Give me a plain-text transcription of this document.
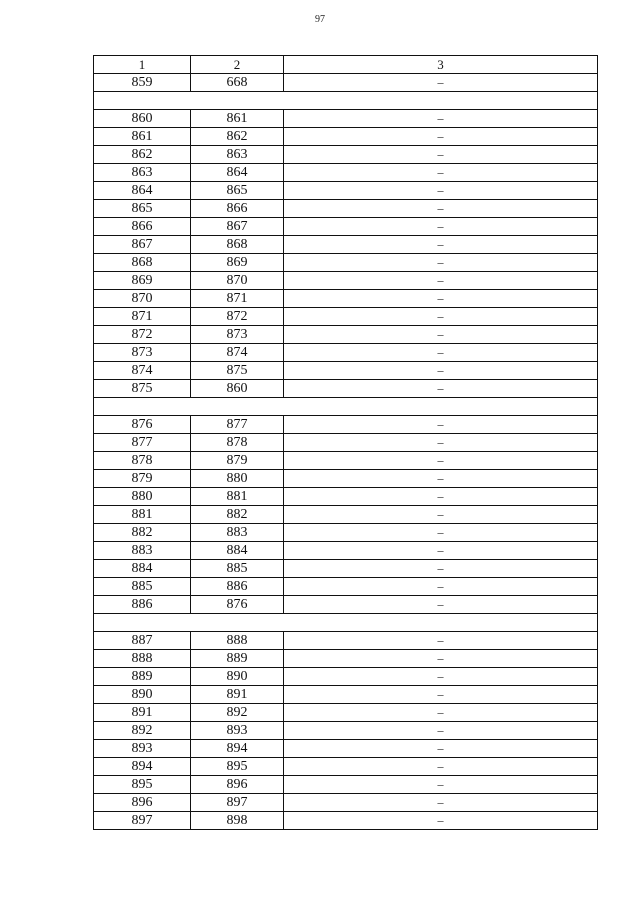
97
1	2	3
859	668	–

860	861	–
861	862	–
862	863	–
863	864	–
864	865	–
865	866	–
866	867	–
867	868	–
868	869	–
869	870	–
870	871	–
871	872	–
872	873	–
873	874	–
874	875	–
875	860	–

876	877	–
877	878	–
878	879	–
879	880	–
880	881	–
881	882	–
882	883	–
883	884	–
884	885	–
885	886	–
886	876	–

887	888	–
888	889	–
889	890	–
890	891	–
891	892	–
892	893	–
893	894	–
894	895	–
895	896	–
896	897	–
897	898	–
